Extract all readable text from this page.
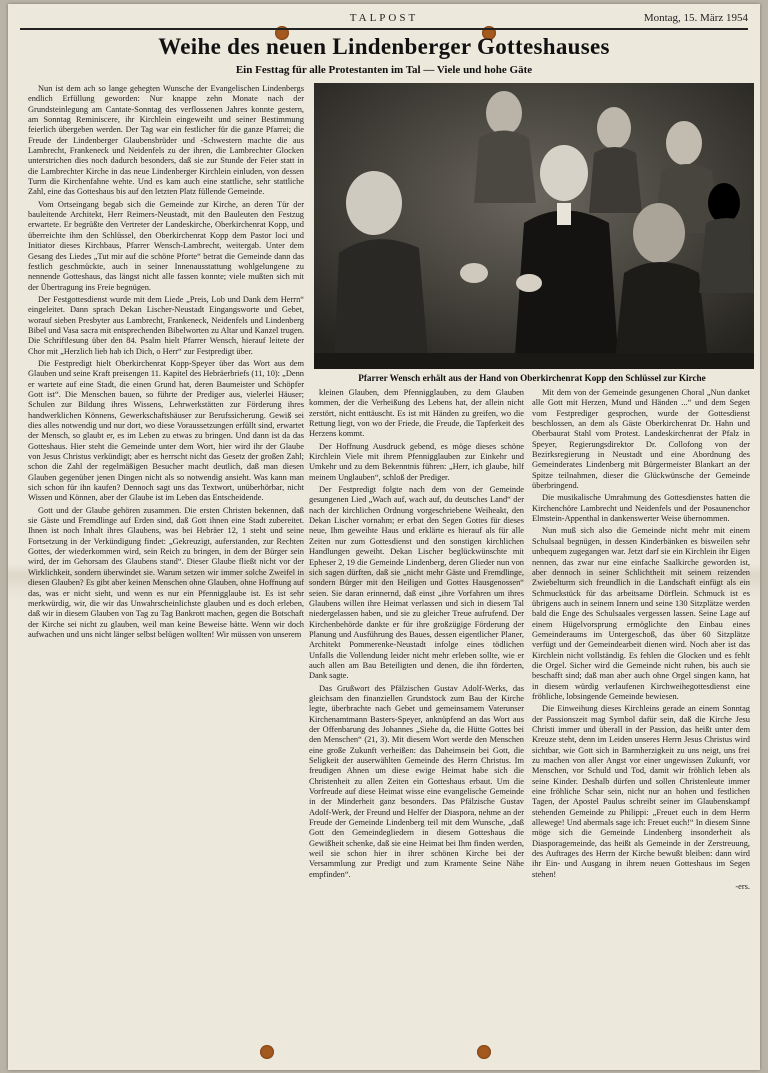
TALPOST	Montag, 15. März 1954
Weihe des neuen Lindenberger Gotteshauses
Ein Festtag für alle Protestanten im Tal — Viele und hohe Gäte

Nun ist dem ach so lange gehegten Wunsche der Evangelischen Lindenbergs endlich Erfüllung geworden: Nur knappe zehn Monate nach der Grundsteinlegung am Cantate-Sonntag des verflossenen Jahres konnte gestern, am Sonntag Reminiscere, ihr Kirchlein eingeweiht und seiner Bestimmung feierlich übergeben werden. Der Tag war ein festlicher für die ganze Pfarrei; die Freude der Lindenberger Glaubensbrüder und -Schwestern machte die aus Lambrecht, Frankeneck und Neidenfels zu der ihren, die Lambrechter Glocken unterstrichen dies noch dadurch besonders, daß sie zur Stunde der Feier statt in die Lambrechter Kirche in das neue Lindenberger Kirchlein einluden, von dessen Turm die Kirchenfahne wehte. Und es kam auch eine stattliche, sehr stattliche Zahl, eine das Gotteshaus bis auf den letzten Platz füllende Gemeinde.

Vom Ortseingang begab sich die Gemeinde zur Kirche, an deren Tür der bauleitende Architekt, Herr Reimers-Neustadt, mit den Bauleuten den Festzug erwartete. Er begrüßte den Vertreter der Landeskirche, Oberkirchenrat Kopp, und überreichte ihm den Schlüssel, den Oberkirchenrat Kopp dem Pastor loci und Initiator dieses Kirchbaus, Pfarrer Wensch-Lambrecht, weitergab. Unter dem Gesang des Liedes „Tut mir auf die schöne Pforte“ betrat die Gemeinde dann das festlich geschmückte, auch in seiner Innenausstattung wohlgelungene zu nennende Gotteshaus, das längst nicht alle fassen konnte; viele mußten sich mit der Übertragung ins Freie begnügen.

Der Festgottesdienst wurde mit dem Liede „Preis, Lob und Dank dem Herrn“ eingeleitet. Dann sprach Dekan Lischer-Neustadt Eingangsworte und Gebet, worauf sieben Presbyter aus Lambrecht, Frankeneck, Neidenfels und Lindenberg Bibel und Vasa sacra mit entsprechenden Bibelworten zu Altar und Kanzel trugen. Die Schriftlesung über den 84. Psalm hielt Pfarrer Wensch, hierauf leitete der Chor mit „Herzlich lieb hab ich Dich, o Herr“ zur Festpredigt über.

Die Festpredigt hielt Oberkirchenrat Kopp-Speyer über das Wort aus dem Glauben und seine Kraft preisengen 11. Kapitel des Hebräerbriefs (11, 10): „Denn er wartete auf eine Stadt, die einen Grund hat, deren Baumeister und Schöpfer Gott ist“. Die Menschen bauen, so führte der Prediger aus, vielerlei Häuser; Schulen zur Bildung ihres Wissens, Lehrwerkstätten zur Förderung ihres handwerklichen Könnens, Gewerkschaftshäuser zur Berufssicherung. Gewiß sei dies alles notwendig und nur dort, wo diese Voraussetzungen erfüllt sind, erwartet der Mensch, so glaubt er, es im Leben zu etwas zu bringen. Und dann ist da das Gotteshaus. Hier steht die Gemeinde unter dem Wort, hier wird ihr der Glaube von Jesus Christus verkündigt; aber es herrscht nicht das Gesetz der großen Zahl; schon die Zahl der regelmäßigen Besucher macht deutlich, daß man diesen Glauben gegenüber jenen Dingen nicht als so notwendig ansieht. Was kann man sich schon für ihn kaufen? Dennoch sagt uns das Textwort, unüberhörbar, nicht Wissen und Können, aber der Glaube ist im Leben das Entscheidende.

Gott und der Glaube gehören zusammen. Die ersten Christen bekennen, daß sie Gäste und Fremdlinge auf Erden sind, daß Gott ihnen eine Stadt zubereitet. Ihnen ist noch Inhalt ihres Glaubens, was bei Hebräer 12, 1 steht und seine Fortsetzung in der Verkündigung findet: „Gekreuzigt, auferstanden, zur Rechten Gottes, der wiederkommen wird, sein Reich zu bringen, in dem der Bürger sein wird, der im Gehorsam des Glaubens stand“. Dieser Glaube fließt nicht vor der Wirklichkeit, sondern überwindet sie. Warum setzen wir immer solche Zweifel in diesen Glauben? Es gibt aber keinen Menschen ohne Glauben, ohne Hoffnung auf das, was er nicht sieht, und wenn es nur ein Pfennigglaube ist. Es ist sehr merkwürdig, wir, die wir das Unwahrscheinlichste glauben und es doch erleben, daß wir in diesem Glauben von Tag zu Tag Bankrott machen, gegen die Botschaft der Kirche sei nicht zu glauben, weil man keine Beweise hätte. Wenn wir doch aufwachen und uns nicht länger selbst belügen wollten! Wir müssen von unserem

Pfarrer Wensch erhält aus der Hand von Oberkirchenrat Kopp den Schlüssel zur Kirche

kleinen Glauben, dem Pfennigglauben, zu dem Glauben kommen, der die Verheißung des Lebens hat, der allein nicht zerstört, nicht enttäuscht. Es ist mit Händen zu greifen, wo die Rettung liegt, von wo der Friede, die Freude, die Tapferkeit des Herzens kommt.

Der Hoffnung Ausdruck gebend, es möge dieses schöne Kirchlein Viele mit ihrem Pfennigglauben zur Einkehr und Umkehr und zu dem Bekenntnis führen: „Herr, ich glaube, hilf meinem Unglauben“, schloß der Prediger.

Der Festpredigt folgte nach dem von der Gemeinde gesungenen Lied „Wach auf, wach auf, du deutsches Land“ der nach der kirchlichen Ordnung vorgeschriebene Weiheakt, den Dekan Lischer vornahm; er erbat den Segen Gottes für dieses neue, Ihm geweihte Haus und erklärte es hierauf als für alle Zeiten nur zum Gottesdienst und den sonstigen kirchlichen Handlungen geweiht. Dekan Lischer beglückwünschte mit Epheser 2, 19 die Gemeinde Lindenberg, deren Glieder nun von sich sagen dürften, daß sie „nicht mehr Gäste und Fremdlinge, sondern Bürger mit den Heiligen und Gottes Hausgenossen“ seien. Sie daran erinnernd, daß einst „ihre Vorfahren um ihres Glaubens willen ihre Heimat verlassen und sich in diesem Tal niedergelassen haben, und sie zu gleicher Treue aufrufend. Der Kirchenbehörde dankte er für ihre großzügige Förderung der Planung und Ausführung des Baues, dessen eigentlicher Planer, Architekt Pommerenke-Neustadt infolge eines tödlichen Unfalls die Vollendung leider nicht mehr erleben sollte, wie er auch allen am Bau Beteiligten und denen, die ihn förderten, Dank sagte.

Das Grußwort des Pfälzischen Gustav Adolf-Werks, das gleichsam den finanziellen Grundstock zum Bau der Kirche legte, überbrachte nach Gebet und gemeinsamem Vaterunser Kirchenamtmann Basters-Speyer, anknüpfend an das Wort aus der Offenbarung des Johannes „Siehe da, die Hütte Gottes bei den Menschen“ (21, 3). Mit diesem Wort werde den Menschen eine große Zukunft verheißen: das Daheimsein bei Gott, die Seligkeit der auserwählten Gemeinde des Herrn Christus. Im freudigen Ahnen um diese ewige Heimat habe sich die Christenheit zu allen Zeiten ein Gotteshaus erbaut. Um die Vorfreude auf diese Heimat wisse eine evangelische Gemeinde in der Minderheit ganz besonders. Das Pfälzische Gustav Adolf-Werk, der Freund und Helfer der Diaspora, nehme an der Freude der Gemeinde Lindenberg teil mit dem Wunsche, „daß Gott den Gemeindegliedern in diesem Gotteshaus die Gewißheit schenke, daß sie eine Heimat bei Ihm finden werden, weil sie schon hier in ihrer schönen Kirche bei der Versammlung zur Predigt und zum Kramente Seine Nähe empfinden“.

Mit dem von der Gemeinde gesungenen Choral „Nun danket alle Gott mit Herzen, Mund und Händen ...“ und dem Segen vom Festprediger gesprochen, wurde der Gottesdienst beschlossen, an dem als Gäste Oberkirchenrat Dr. Hahn und Oberbaurat Stahl vom Protest. Landeskirchenrat der Pfalz in Speyer, Regierungsdirektor Dr. Collofong von der Bezirksregierung in Neustadt und eine Abordnung des Gemeinderates Lindenberg mit Bürgermeister Blankart an der Spitze teilnahmen, dieser die Glückwünsche der Gemeinde überbringend.

Die musikalische Umrahmung des Gottesdienstes hatten die Kirchenchöre Lambrecht und Neidenfels und der Posaunenchor Elmstein-Appenthal in dankenswerter Weise übernommen.

Nun muß sich also die Gemeinde nicht mehr mit einem Schulsaal begnügen, in dessen Kinderbänken es bisweilen sehr unbequem zugegangen war. Jetzt darf sie ein Kirchlein ihr Eigen nennen, das zwar nur eine einfache Saalkirche geworden ist, aber dennoch in seiner Schlichtheit mit seinem reizenden Zwiebelturm sich freundlich in die Landschaft einfügt als ein Schmuckstück für das arbeitsame Dörflein. Schmuck ist es übrigens auch in seinem Innern und seine 130 Sitzplätze werden bald die Enge des Schulsaales vergessen lassen. Seine Lage auf einem Hügelvorsprung ermöglichte den Einbau eines Gemeinderaums im Untergeschoß, das über 60 Sitzplätze verfügt und der Gemeindearbeit dienen wird. Noch aber ist das Kirchlein nicht vollständig. Es fehlen die Glocken und es fehlt die Orgel. Sicher wird die Gemeinde nicht ruhen, bis auch sie beschafft sind; daß man aber auch ohne Orgel singen kann, hat in diesem würdig verlaufenen Kirchweihegottesdienst eine fröhliche, lobsingende Gemeinde bewiesen.

Die Einweihung dieses Kirchleins gerade an einem Sonntag der Passionszeit mag Symbol dafür sein, daß die Kirche Jesu Christi immer und überall in der Passion, das heißt unter dem Kreuze steht, denn im Leiden unseres Herrn Jesus Christus wird sichtbar, wie Gott sich in Barmherzigkeit zu uns neigt, uns frei zu machen von aller Angst vor einer ungewissen Zukunft, vor Menschen, vor Schuld und Tod, damit wir fröhlich leben als seine Kinder. Deshalb dürfen und sollen Christenleute immer eine fröhliche Schar sein, nicht nur an hohen und festlichen Tagen, der Apostel Paulus schreibt seiner im Glaubenskampf stehenden Gemeinde zu Philippi: „Freuet euch in dem Herrn allewege! Und abermals sage ich: Freuet euch!“ In diesem Sinne möge sich die Gemeinde Lindenberg insonderheit als Diasporagemeinde, das heißt als Gemeinde in der Zerstreuung, des Auftrages des Herrn der Kirche bewußt bleiben: dann wird ihr Ein- und Ausgang in ihrem neuen Gotteshaus im Segen stehen!

-ers.
